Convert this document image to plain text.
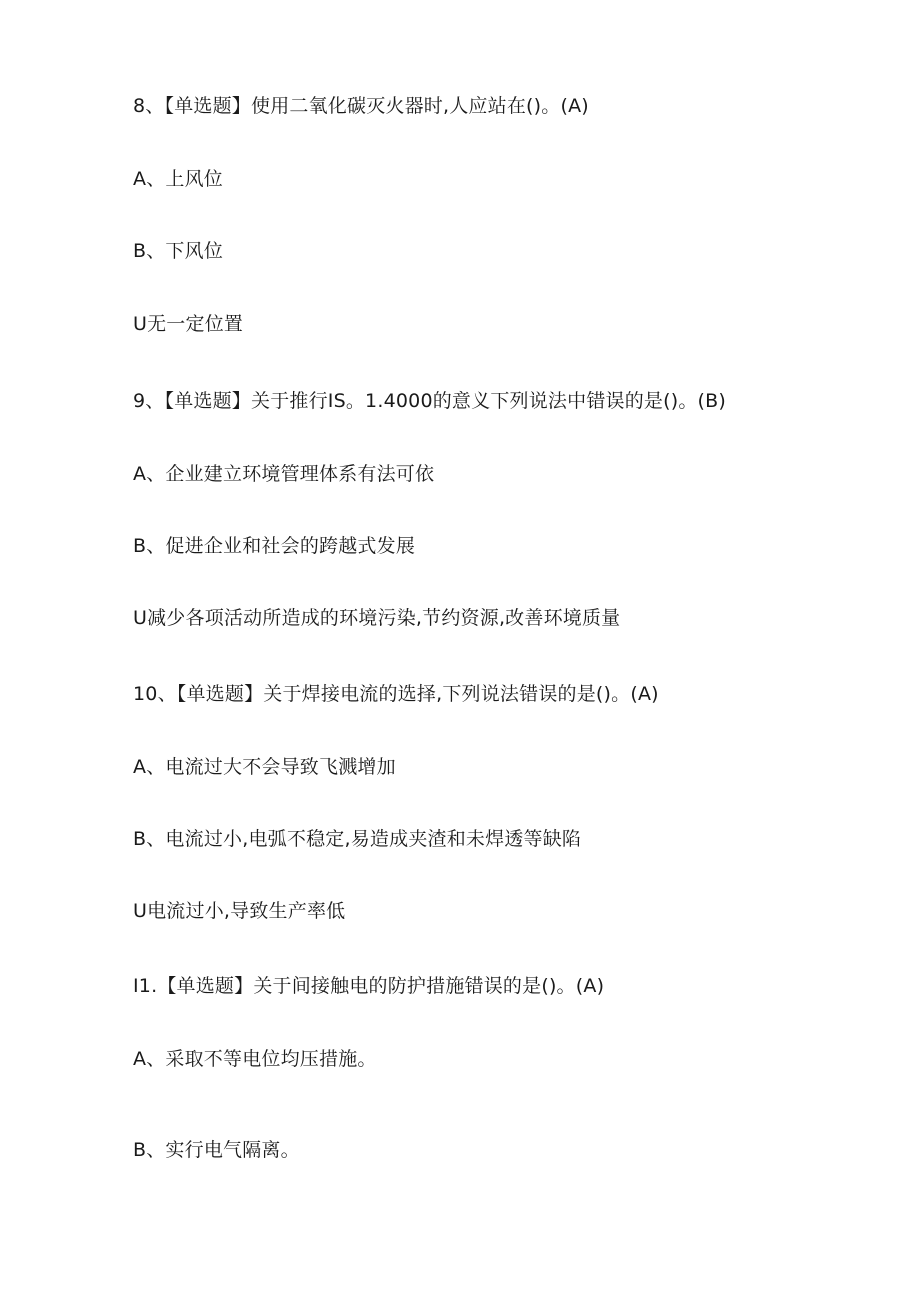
8、【单选题】使用二氧化碳灭火器时,人应站在()。(A)
A、上风位
B、下风位
U无一定位置
9、【单选题】关于推行IS。1.4000的意义下列说法中错误的是()。(B)
A、企业建立环境管理体系有法可依
B、促进企业和社会的跨越式发展
U减少各项活动所造成的环境污染,节约资源,改善环境质量
10、【单选题】关于焊接电流的选择,下列说法错误的是()。(A)
A、电流过大不会导致飞溅增加
B、电流过小,电弧不稳定,易造成夹渣和未焊透等缺陷
U电流过小,导致生产率低
I1.【单选题】关于间接触电的防护措施错误的是()。(A)
A、采取不等电位均压措施。
B、实行电气隔离。
